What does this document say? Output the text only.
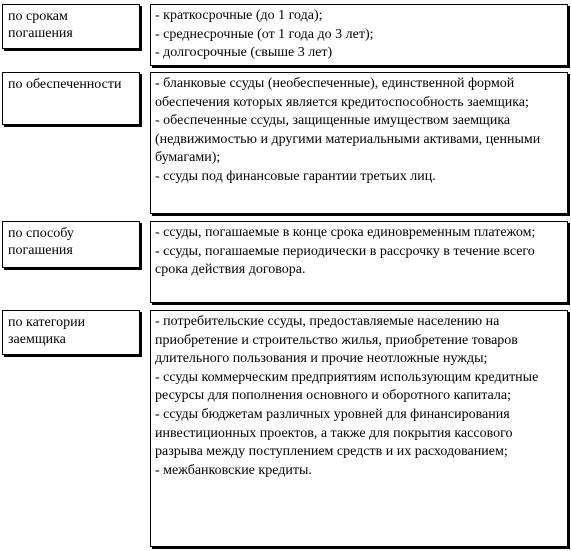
по срокам погашения
- краткосрочные (до 1 года);
- среднесрочные (от 1 года до 3 лет);
- долгосрочные (свыше 3 лет)
по обеспеченности	- бланковые ссуды (необеспеченные), единственной формой обеспечения которых является кредитоспособность заемщика;
- обеспеченные ссуды, защищенные имуществом заемщика (недвижимостью и другими материальными активами, ценными бумагами);
- ссуды под финансовые гарантии третьих лиц.
по способу погашения
- ссуды, погашаемые в конце срока единовременным платежом;
- ссуды, погашаемые периодически в рассрочку в течение всего срока действия договора.
по категории заемщика
- потребительские ссуды, предоставляемые населению на приобретение и строительство жилья, приобретение товаров длительного пользования и прочие неотложные нужды;
- ссуды коммерческим предприятиям использующим кредитные ресурсы для пополнения основного и оборотного капитала;
- ссуды бюджетам различных уровней для финансирования инвестиционных проектов, а также для покрытия кассового разрыва между поступлением средств и их расходованием;
- межбанковские кредиты.
